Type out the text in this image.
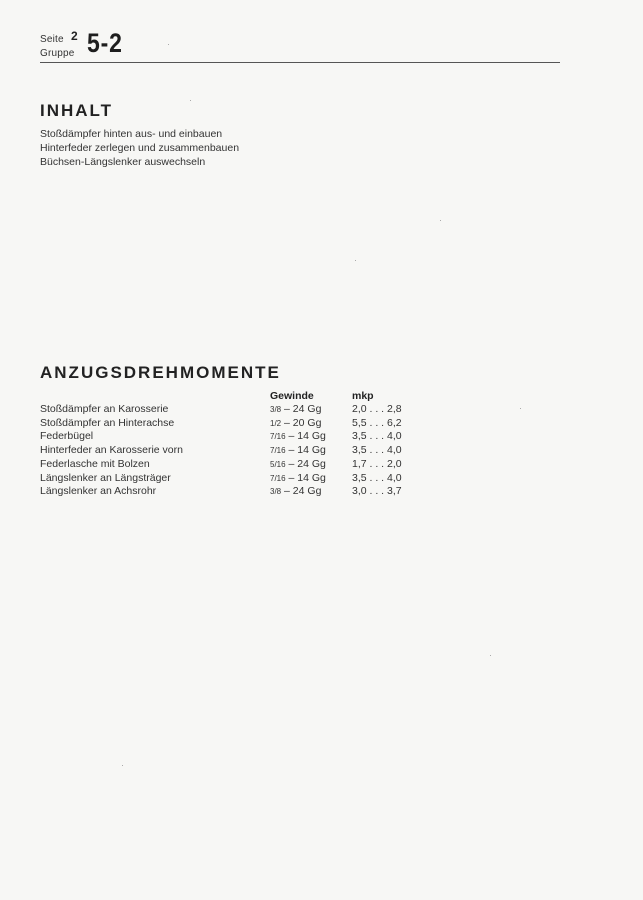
Seite 2
Gruppe 5-2
INHALT
Stoßdämpfer hinten aus- und einbauen
Hinterfeder zerlegen und zusammenbauen
Büchsen-Längslenker auswechseln
ANZUGSDREHMOMENTE
	Gewinde	mkp
Stoßdämpfer an Karosserie	3/8 – 24 Gg	2,0 . . . 2,8
Stoßdämpfer an Hinterachse	1/2 – 20 Gg	5,5 . . . 6,2
Federbügel	7/16 – 14 Gg	3,5 . . . 4,0
Hinterfeder an Karosserie vorn	7/16 – 14 Gg	3,5 . . . 4,0
Federlasche mit Bolzen	5/16 – 24 Gg	1,7 . . . 2,0
Längslenker an Längsträger	7/16 – 14 Gg	3,5 . . . 4,0
Längslenker an Achsrohr	3/8 – 24 Gg	3,0 . . . 3,7
